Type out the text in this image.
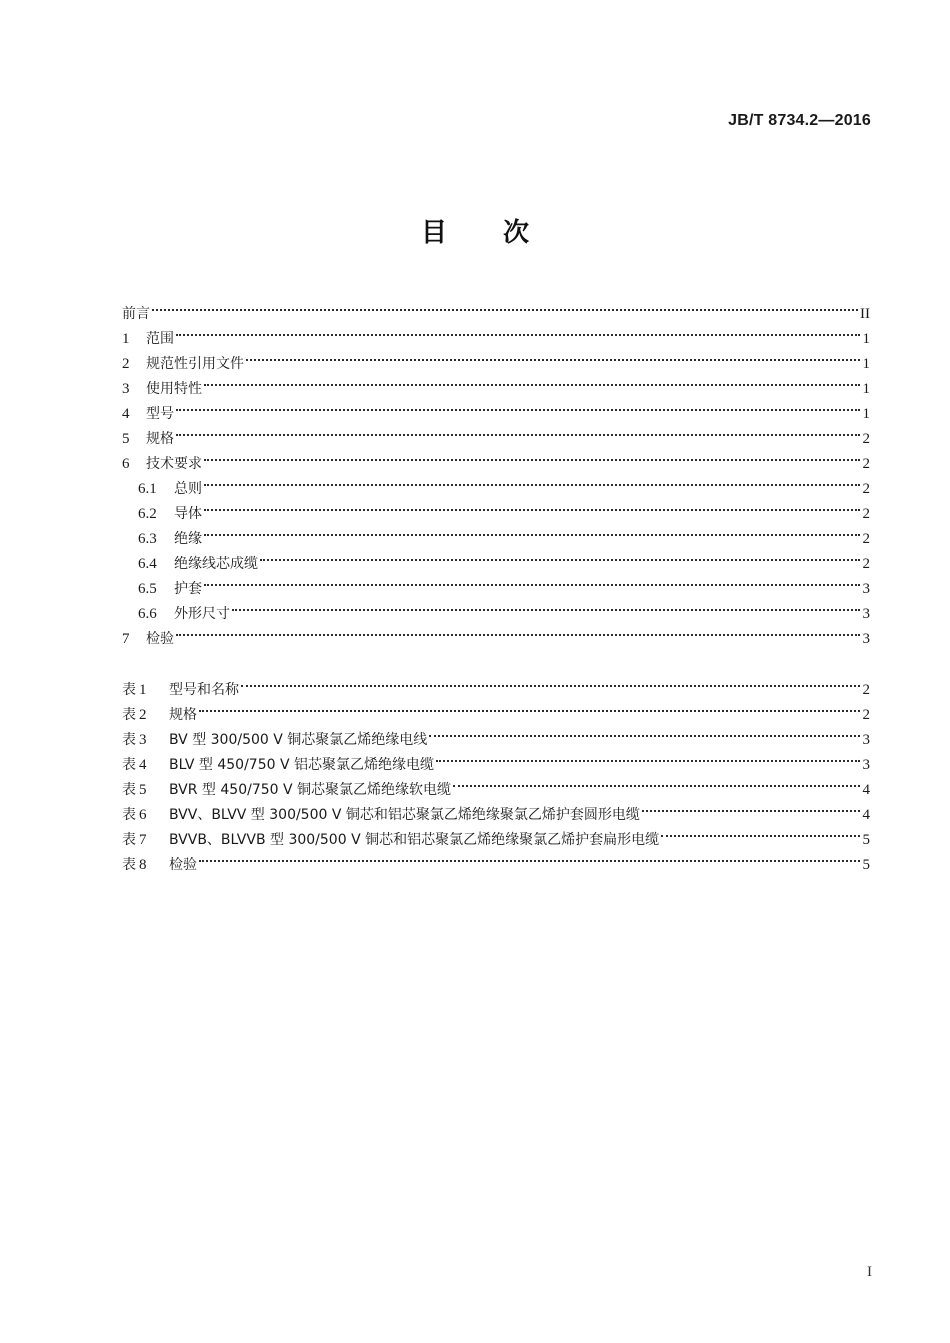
JB/T 8734.2—2016
目次
前言	II
1	范围	1
2	规范性引用文件	1
3	使用特性	1
4	型号	1
5	规格	2
6	技术要求	2
6.1	总则	2
6.2	导体	2
6.3	绝缘	2
6.4	绝缘线芯成缆	2
6.5	护套	3
6.6	外形尺寸	3
7	检验	3
表 1	型号和名称	2
表 2	规格	2
表 3	BV 型 300/500 V 铜芯聚氯乙烯绝缘电线	3
表 4	BLV 型 450/750 V 铝芯聚氯乙烯绝缘电缆	3
表 5	BVR 型 450/750 V 铜芯聚氯乙烯绝缘软电缆	4
表 6	BVV、BLVV 型 300/500 V 铜芯和铝芯聚氯乙烯绝缘聚氯乙烯护套圆形电缆	4
表 7	BVVB、BLVVB 型 300/500 V 铜芯和铝芯聚氯乙烯绝缘聚氯乙烯护套扁形电缆	5
表 8	检验	5
I
